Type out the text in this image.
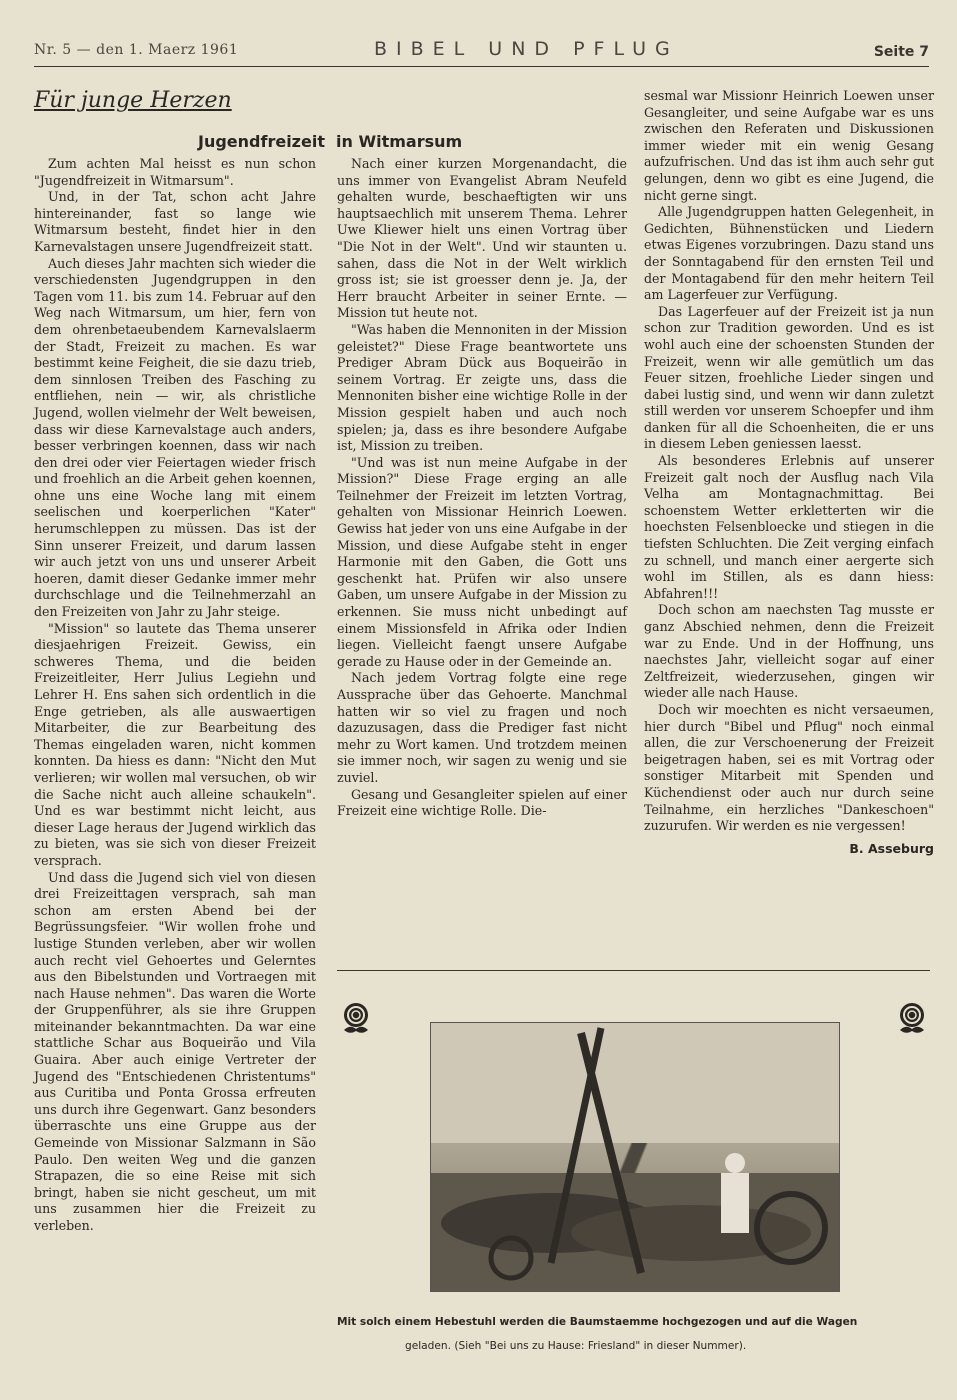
Nr. 5 — den 1. Maerz 1961	BIBEL UND PFLUG	Seite 7
Für junge Herzen
Jugendfreizeit in Witmarsum

Zum achten Mal heisst es nun schon "Jugendfreizeit in Witmarsum".

Und, in der Tat, schon acht Jahre hintereinander, fast so lange wie Witmarsum besteht, findet hier in den Karnevalstagen unsere Jugendfreizeit statt.

Auch dieses Jahr machten sich wieder die verschiedensten Jugendgruppen in den Tagen vom 11. bis zum 14. Februar auf den Weg nach Witmarsum, um hier, fern von dem ohrenbetaeubendem Karnevalslaerm der Stadt, Freizeit zu machen. Es war bestimmt keine Feigheit, die sie dazu trieb, dem sinnlosen Treiben des Fasching zu entfliehen, nein — wir, als christliche Jugend, wollen vielmehr der Welt beweisen, dass wir diese Karnevalstage auch anders, besser verbringen koennen, dass wir nach den drei oder vier Feiertagen wieder frisch und froehlich an die Arbeit gehen koennen, ohne uns eine Woche lang mit einem seelischen und koerperlichen "Kater" herumschleppen zu müssen. Das ist der Sinn unserer Freizeit, und darum lassen wir auch jetzt von uns und unserer Arbeit hoeren, damit dieser Gedanke immer mehr durchschlage und die Teilnehmerzahl an den Freizeiten von Jahr zu Jahr steige.

"Mission" so lautete das Thema unserer diesjaehrigen Freizeit. Gewiss, ein schweres Thema, und die beiden Freizeitleiter, Herr Julius Legiehn und Lehrer H. Ens sahen sich ordentlich in die Enge getrieben, als alle auswaertigen Mitarbeiter, die zur Bearbeitung des Themas eingeladen waren, nicht kommen konnten. Da hiess es dann: "Nicht den Mut verlieren; wir wollen mal versuchen, ob wir die Sache nicht auch alleine schaukeln". Und es war bestimmt nicht leicht, aus dieser Lage heraus der Jugend wirklich das zu bieten, was sie sich von dieser Freizeit versprach.

Und dass die Jugend sich viel von diesen drei Freizeittagen versprach, sah man schon am ersten Abend bei der Begrüssungsfeier. "Wir wollen frohe und lustige Stunden verleben, aber wir wollen auch recht viel Gehoertes und Gelerntes aus den Bibelstunden und Vortraegen mit nach Hause nehmen". Das waren die Worte der Gruppenführer, als sie ihre Gruppen miteinander bekanntmachten. Da war eine stattliche Schar aus Boqueirão und Vila Guaira. Aber auch einige Vertreter der Jugend des "Entschiedenen Christentums" aus Curitiba und Ponta Grossa erfreuten uns durch ihre Gegenwart. Ganz besonders überraschte uns eine Gruppe aus der Gemeinde von Missionar Salzmann in São Paulo. Den weiten Weg und die ganzen Strapazen, die so eine Reise mit sich bringt, haben sie nicht gescheut, um mit uns zusammen hier die Freizeit zu verleben.

Nach einer kurzen Morgenandacht, die uns immer von Evangelist Abram Neufeld gehalten wurde, beschaeftigten wir uns hauptsaechlich mit unserem Thema. Lehrer Uwe Kliewer hielt uns einen Vortrag über "Die Not in der Welt". Und wir staunten u. sahen, dass die Not in der Welt wirklich gross ist; sie ist groesser denn je. Ja, der Herr braucht Arbeiter in seiner Ernte. — Mission tut heute not.

"Was haben die Mennoniten in der Mission geleistet?" Diese Frage beantwortete uns Prediger Abram Dück aus Boqueirão in seinem Vortrag. Er zeigte uns, dass die Mennoniten bisher eine wichtige Rolle in der Mission gespielt haben und auch noch spielen; ja, dass es ihre besondere Aufgabe ist, Mission zu treiben.

"Und was ist nun meine Aufgabe in der Mission?" Diese Frage erging an alle Teilnehmer der Freizeit im letzten Vortrag, gehalten von Missionar Heinrich Loewen. Gewiss hat jeder von uns eine Aufgabe in der Mission, und diese Aufgabe steht in enger Harmonie mit den Gaben, die Gott uns geschenkt hat. Prüfen wir also unsere Gaben, um unsere Aufgabe in der Mission zu erkennen. Sie muss nicht unbedingt auf einem Missionsfeld in Afrika oder Indien liegen. Vielleicht faengt unsere Aufgabe gerade zu Hause oder in der Gemeinde an.

Nach jedem Vortrag folgte eine rege Aussprache über das Gehoerte. Manchmal hatten wir so viel zu fragen und noch dazuzusagen, dass die Prediger fast nicht mehr zu Wort kamen. Und trotzdem meinen sie immer noch, wir sagen zu wenig und sie zuviel.

Gesang und Gesangleiter spielen auf einer Freizeit eine wichtige Rolle. Die-

sesmal war Missionr Heinrich Loewen unser Gesangleiter, und seine Aufgabe war es uns zwischen den Referaten und Diskussionen immer wieder mit ein wenig Gesang aufzufrischen. Und das ist ihm auch sehr gut gelungen, denn wo gibt es eine Jugend, die nicht gerne singt.

Alle Jugendgruppen hatten Gelegenheit, in Gedichten, Bühnenstücken und Liedern etwas Eigenes vorzubringen. Dazu stand uns der Sonntagabend für den ernsten Teil und der Montagabend für den mehr heitern Teil am Lagerfeuer zur Verfügung.

Das Lagerfeuer auf der Freizeit ist ja nun schon zur Tradition geworden. Und es ist wohl auch eine der schoensten Stunden der Freizeit, wenn wir alle gemütlich um das Feuer sitzen, froehliche Lieder singen und dabei lustig sind, und wenn wir dann zuletzt still werden vor unserem Schoepfer und ihm danken für all die Schoenheiten, die er uns in diesem Leben geniessen laesst.

Als besonderes Erlebnis auf unserer Freizeit galt noch der Ausflug nach Vila Velha am Montagnachmittag. Bei schoenstem Wetter erkletterten wir die hoechsten Felsenbloecke und stiegen in die tiefsten Schluchten. Die Zeit verging einfach zu schnell, und manch einer aergerte sich wohl im Stillen, als es dann hiess: Abfahren!!!

Doch schon am naechsten Tag musste er ganz Abschied nehmen, denn die Freizeit war zu Ende. Und in der Hoffnung, uns naechstes Jahr, vielleicht sogar auf einer Zeltfreizeit, wiederzusehen, gingen wir wieder alle nach Hause.

Doch wir moechten es nicht versaeumen, hier durch "Bibel und Pflug" noch einmal allen, die zur Verschoenerung der Freizeit beigetragen haben, sei es mit Vortrag oder sonstiger Mitarbeit mit Spenden und Küchendienst oder auch nur durch seine Teilnahme, ein herzliches "Dankeschoen" zuzurufen. Wir werden es nie vergessen!

B. Asseburg

Mit solch einem Hebestuhl werden die Baumstaemme hochgezogen und auf die Wagen
geladen. (Sieh "Bei uns zu Hause: Friesland" in dieser Nummer).
